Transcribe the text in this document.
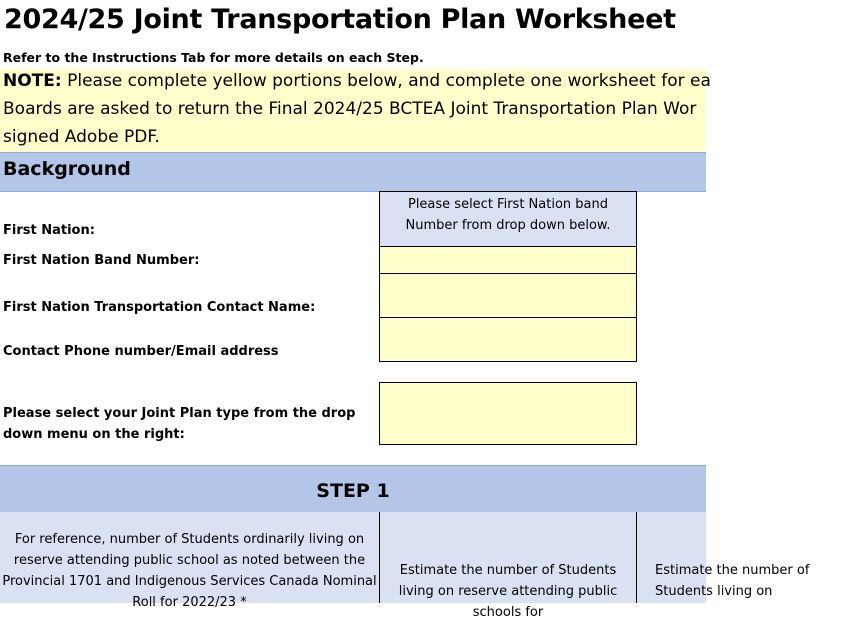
2024/25 Joint Transportation Plan Worksheet
Refer to the Instructions Tab for more details on each Step.
NOTE: Please complete yellow portions below, and complete one worksheet for ea
Boards are asked to return the Final 2024/25 BCTEA Joint Transportation Plan Wor
signed Adobe PDF.
Background
Please select First Nation band Number from drop down below.
First Nation:
First Nation Band Number:
First Nation Transportation Contact Name:
Contact Phone number/Email address
Please select your Joint Plan type from the drop down menu on the right:
STEP 1
For reference, number of Students ordinarily living on reserve attending public school as noted between the Provincial 1701 and Indigenous Services Canada Nominal Roll for 2022/23 *
Estimate the number of Students living on reserve attending public schools for
Estimate the number of Students living on
